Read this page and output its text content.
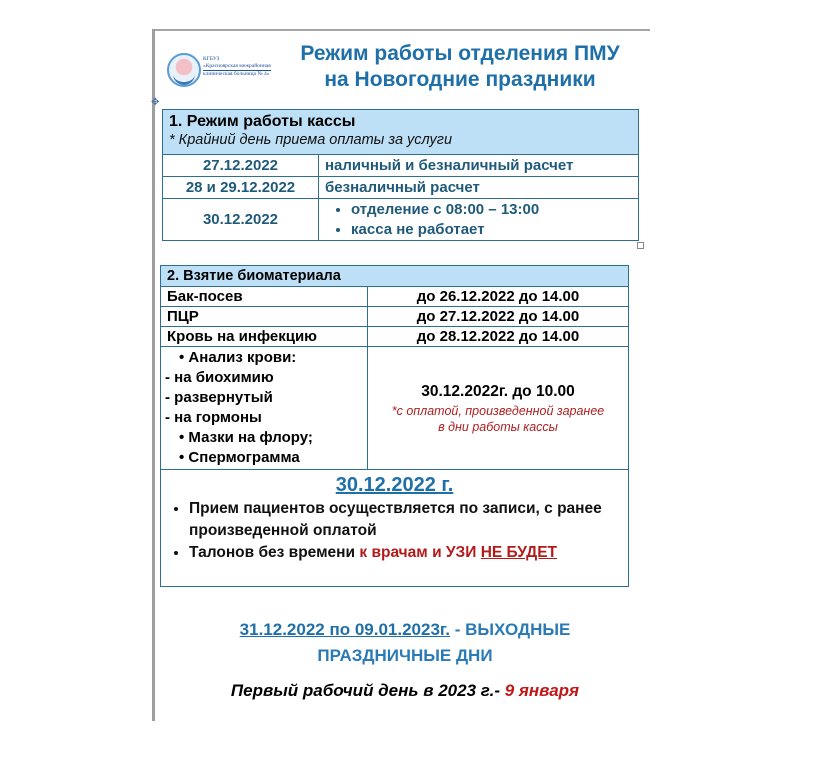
✥
КГБУЗ
«Красноярская межрайонная
клиническая больница № 4»
Режим работы отделения ПМУ
на Новогодние праздники
1. Режим работы кассы
* Крайний день приема оплаты за услуги	

27.12.2022	наличный и безналичный расчет
28 и 29.12.2022	безналичный расчет
30.12.2022	
• отделение с 08:00 – 13:00
• касса не работает
2. Взятие биоматериала	
Бак-посев	до 26.12.2022 до 14.00
ПЦР	до 27.12.2022 до 14.00
Кровь на инфекцию	до 28.12.2022 до 14.00

• Анализ крови:
- на биохимию
- развернутый
- на гормоны
• Мазки на флору;
• Спермограмма

30.12.2022г. до 10.00
*с оплатой, произведенной заранее
в дни работы кассы

30.12.2022 г.
• Прием пациентов осуществляется по записи, с ранее произведенной оплатой
• Талонов без времени к врачам и УЗИ НЕ БУДЕТ
31.12.2022 по 09.01.2023г. - ВЫХОДНЫЕ
ПРАЗДНИЧНЫЕ ДНИ
Первый рабочий день в 2023 г.- 9 января
